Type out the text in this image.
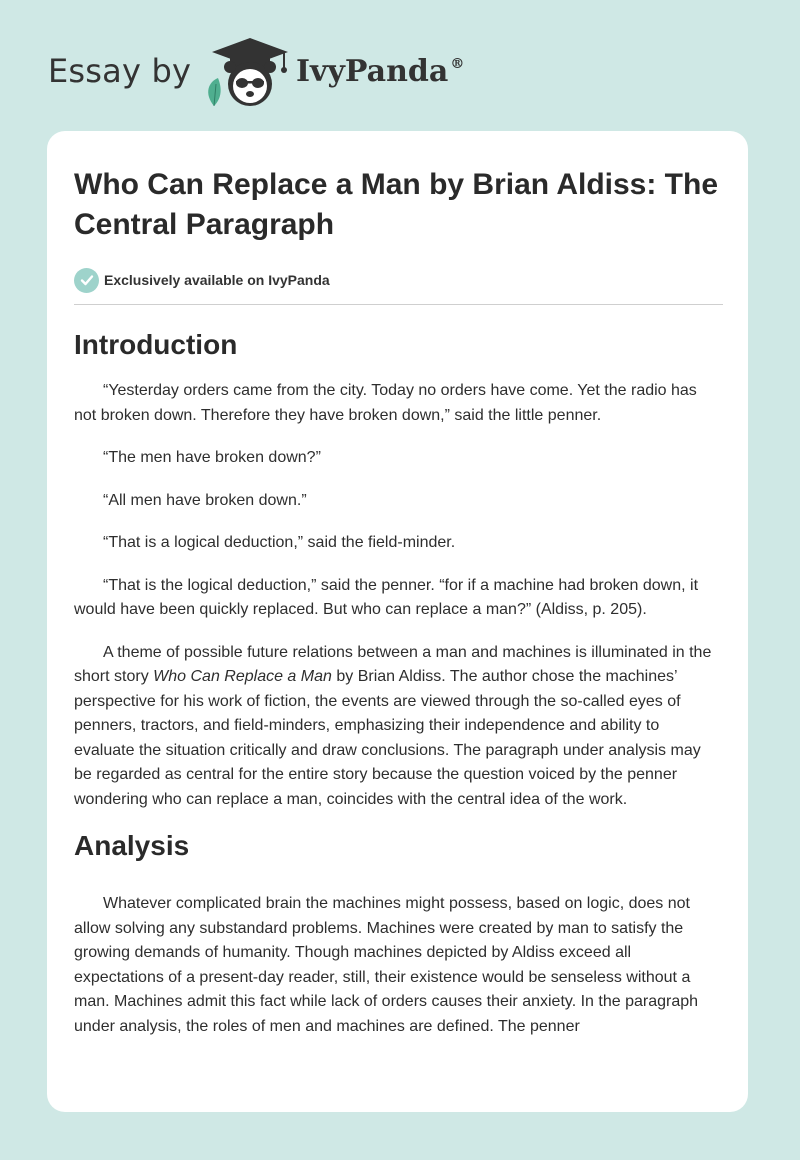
Essay by	IvyPanda ®
Who Can Replace a Man by Brian Aldiss: The Central Paragraph
Exclusively available on IvyPanda
Introduction

“Yesterday orders came from the city. Today no orders have come. Yet the radio has not broken down. Therefore they have broken down,” said the little penner.

“The men have broken down?”

“All men have broken down.”

“That is a logical deduction,” said the field-minder.

“That is the logical deduction,” said the penner. “for if a machine had broken down, it would have been quickly replaced. But who can replace a man?” (Aldiss, p. 205).

A theme of possible future relations between a man and machines is illuminated in the short story Who Can Replace a Man by Brian Aldiss. The author chose the machines’ perspective for his work of fiction, the events are viewed through the so-called eyes of penners, tractors, and field-minders, emphasizing their independence and ability to evaluate the situation critically and draw conclusions. The paragraph under analysis may be regarded as central for the entire story because the question voiced by the penner wondering who can replace a man, coincides with the central idea of the work.

Analysis

Whatever complicated brain the machines might possess, based on logic, does not allow solving any substandard problems. Machines were created by man to satisfy the growing demands of humanity. Though machines depicted by Aldiss exceed all expectations of a present-day reader, still, their existence would be senseless without a man. Machines admit this fact while lack of orders causes their anxiety. In the paragraph under analysis, the roles of men and machines are defined. The penner
